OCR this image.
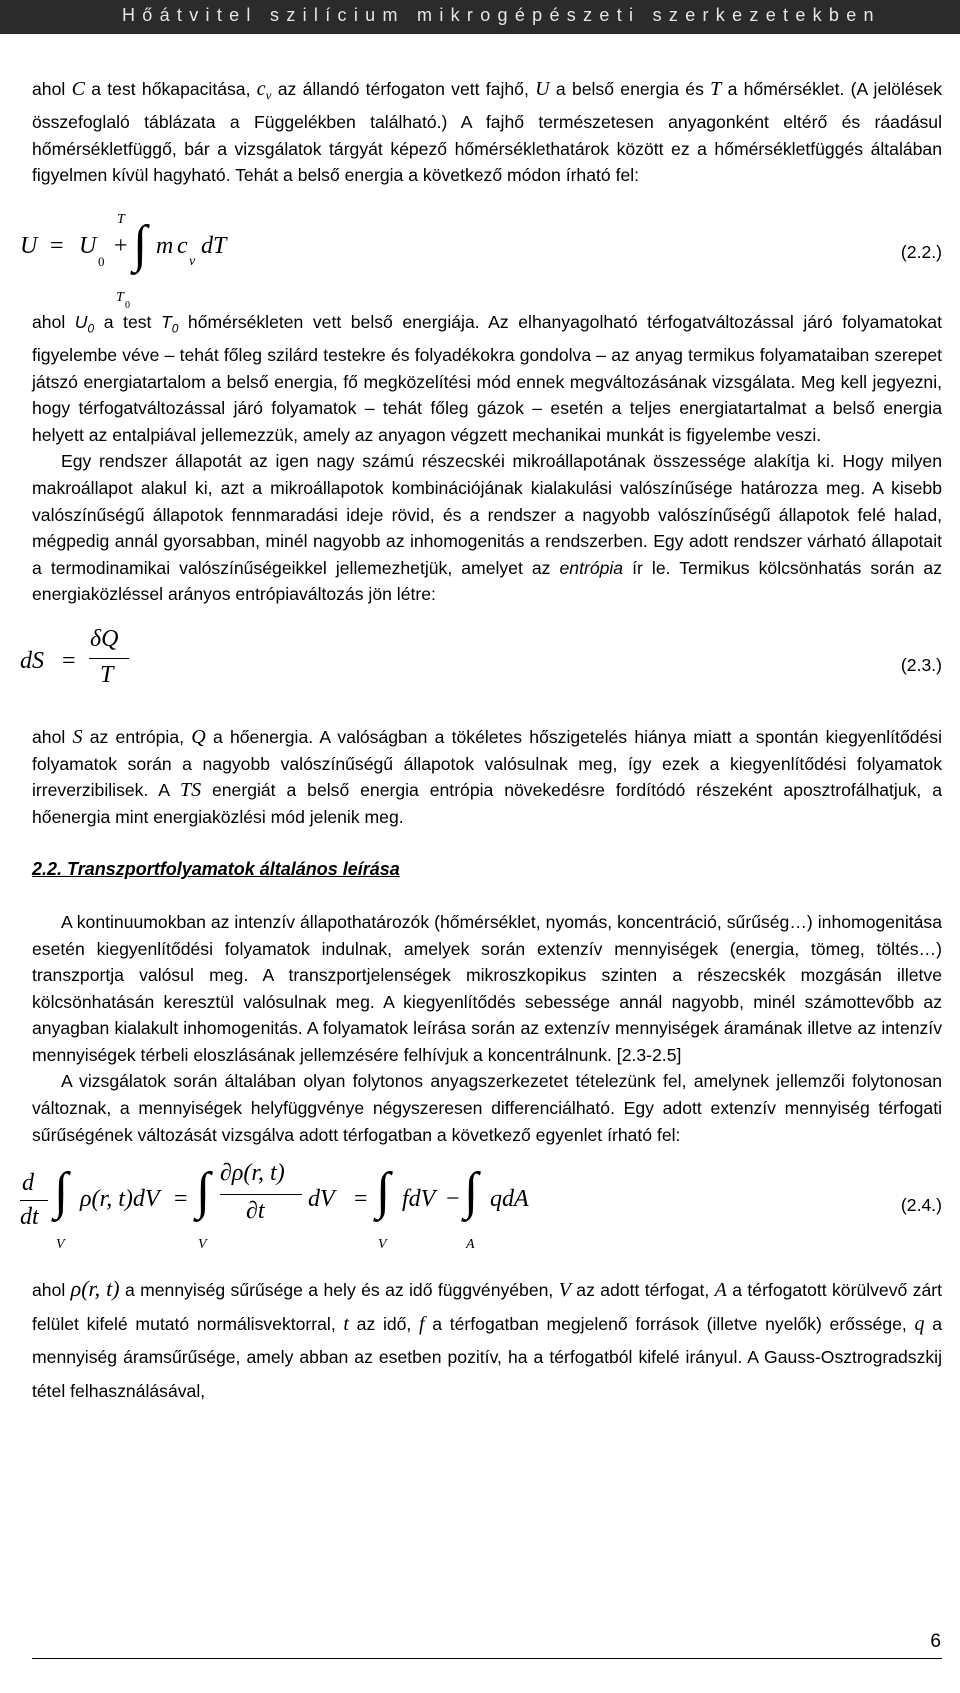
Hőátvitel szilícium mikrogépészeti szerkezetekben

ahol C a test hőkapacitása, $c_v$ az állandó térfogaton vett fajhő, U a belső energia és T a hőmérséklet. (A jelölések összefoglaló táblázata a Függelékben található.) A fajhő természetesen anyagonként eltérő és ráadásul hőmérsékletfüggő, bár a vizsgálatok tárgyát képező hőmérséklethatárok között ez a hőmérsékletfüggés általában figyelmen kívül hagyható. Tehát a belső energia a következő módon írható fel:

U = U
0
+
T ∫
T
0
m c
v
dT	(2.2.)

ahol $U_0$ a test $T_0$ hőmérsékleten vett belső energiája. Az elhanyagolható térfogatváltozással járó folyamatokat figyelembe véve – tehát főleg szilárd testekre és folyadékokra gondolva – az anyag termikus folyamataiban szerepet játszó energiatartalom a belső energia, fő megközelítési mód ennek megváltozásának vizsgálata. Meg kell jegyezni, hogy térfogatváltozással járó folyamatok – tehát főleg gázok – esetén a teljes energiatartalmat a belső energia helyett az entalpiával jellemezzük, amely az anyagon végzett mechanikai munkát is figyelembe veszi.

Egy rendszer állapotát az igen nagy számú részecskéi mikroállapotának összessége alakítja ki. Hogy milyen makroállapot alakul ki, azt a mikroállapotok kombinációjának kialakulási valószínűsége határozza meg. A kisebb valószínűségű állapotok fennmaradási ideje rövid, és a rendszer a nagyobb valószínűségű állapotok felé halad, mégpedig annál gyorsabban, minél nagyobb az inhomogenitás a rendszerben. Egy adott rendszer várható állapotait a termodinamikai valószínűségeikkel jellemezhetjük, amelyet az entrópia ír le. Termikus kölcsönhatás során az energiaközléssel arányos entrópiaváltozás jön létre:

dS =
δQ
T	(2.3.)

ahol S az entrópia, Q a hőenergia. A valóságban a tökéletes hőszigetelés hiánya miatt a spontán kiegyenlítődési folyamatok során a nagyobb valószínűségű állapotok valósulnak meg, így ezek a kiegyenlítődési folyamatok irreverzibilisek. A TS energiát a belső energia entrópia növekedésre fordítódó részeként aposztrofálhatjuk, a hőenergia mint energiaközlési mód jelenik meg.

2.2. Transzportfolyamatok általános leírása

A kontinuumokban az intenzív állapothatározók (hőmérséklet, nyomás, koncentráció, sűrűség…) inhomogenitása esetén kiegyenlítődési folyamatok indulnak, amelyek során extenzív mennyiségek (energia, tömeg, töltés…) transzportja valósul meg. A transzportjelenségek mikroszkopikus szinten a részecskék mozgásán illetve kölcsönhatásán keresztül valósulnak meg. A kiegyenlítődés sebessége annál nagyobb, minél számottevőbb az anyagban kialakult inhomogenitás. A folyamatok leírása során az extenzív mennyiségek áramának illetve az intenzív mennyiségek térbeli eloszlásának jellemzésére felhívjuk a koncentrálnunk. [2.3-2.5]

A vizsgálatok során általában olyan folytonos anyagszerkezetet tételezünk fel, amelynek jellemzői folytonosan változnak, a mennyiségek helyfüggvénye négyszeresen differenciálható. Egy adott extenzív mennyiség térfogati sűrűségének változását vizsgálva adott térfogatban a következő egyenlet írható fel:

d
dt ∫
V
ρ(r, t)dV = ∫
V
∂ρ(r, t)
∂t dV = ∫
V
fdV − ∫
A
qdA	(2.4.)

ahol ρ(r, t) a mennyiség sűrűsége a hely és az idő függvényében, V az adott térfogat, A a térfogatott körülvevő zárt felület kifelé mutató normálisvektorral, t az idő, f a térfogatban megjelenő források (illetve nyelők) erőssége, q a mennyiség áramsűrűsége, amely abban az esetben pozitív, ha a térfogatból kifelé irányul. A Gauss-Osztrogradszkij tétel felhasználásával,

6
